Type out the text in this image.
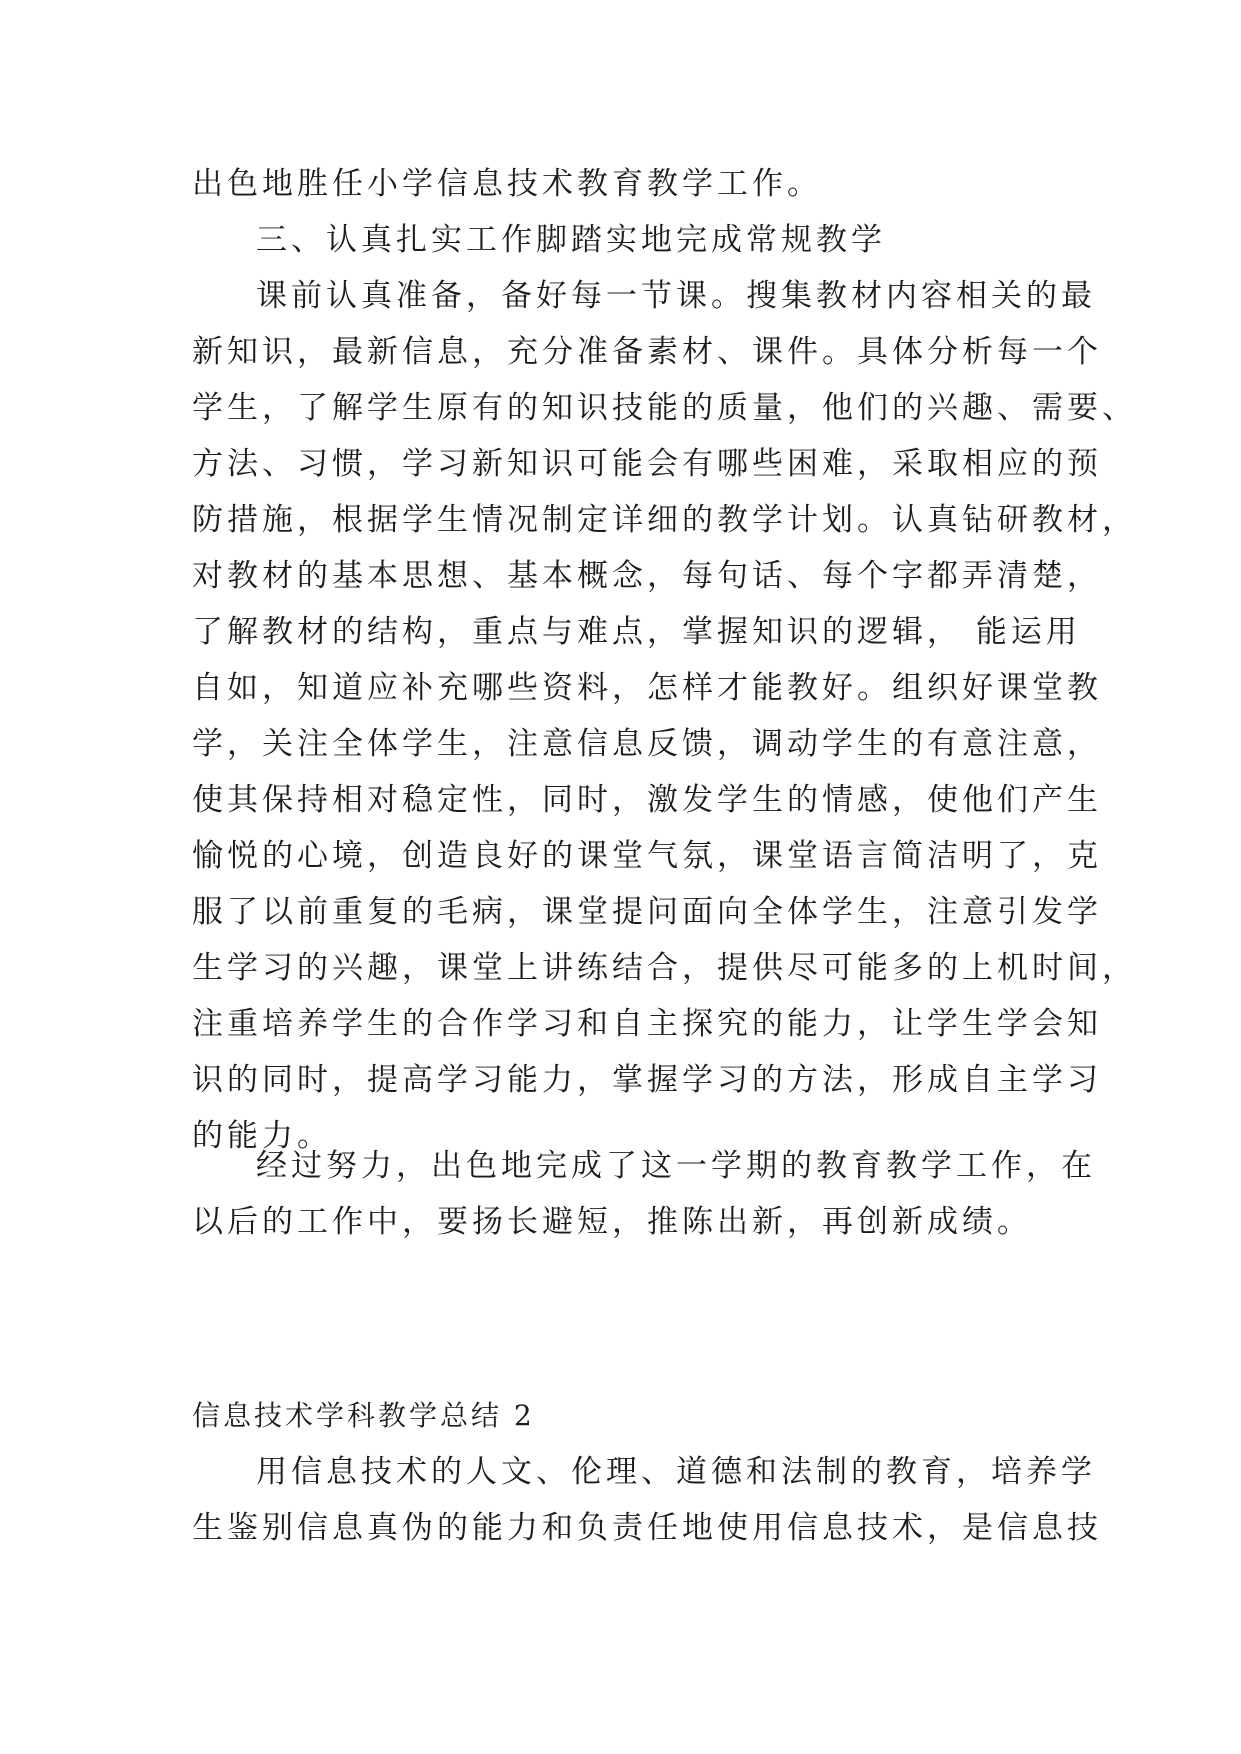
出色地胜任小学信息技术教育教学工作。
三、认真扎实工作脚踏实地完成常规教学
课前认真准备，备好每一节课。搜集教材内容相关的最
新知识，最新信息，充分准备素材、课件。具体分析每一个
学生，了解学生原有的知识技能的质量，他们的兴趣、需要、
方法、习惯，学习新知识可能会有哪些困难，采取相应的预
防措施，根据学生情况制定详细的教学计划。认真钻研教材，
对教材的基本思想、基本概念，每句话、每个字都弄清楚，
了解教材的结构，重点与难点，掌握知识的逻辑， 能运用
自如，知道应补充哪些资料，怎样才能教好。组织好课堂教
学，关注全体学生，注意信息反馈，调动学生的有意注意，
使其保持相对稳定性，同时，激发学生的情感，使他们产生
愉悦的心境，创造良好的课堂气氛，课堂语言简洁明了，克
服了以前重复的毛病，课堂提问面向全体学生，注意引发学
生学习的兴趣，课堂上讲练结合，提供尽可能多的上机时间，
注重培养学生的合作学习和自主探究的能力，让学生学会知
识的同时，提高学习能力，掌握学习的方法，形成自主学习
的能力。
经过努力，出色地完成了这一学期的教育教学工作，在
以后的工作中，要扬长避短，推陈出新，再创新成绩。
信息技术学科教学总结 2
用信息技术的人文、伦理、道德和法制的教育，培养学
生鉴别信息真伪的能力和负责任地使用信息技术，是信息技
